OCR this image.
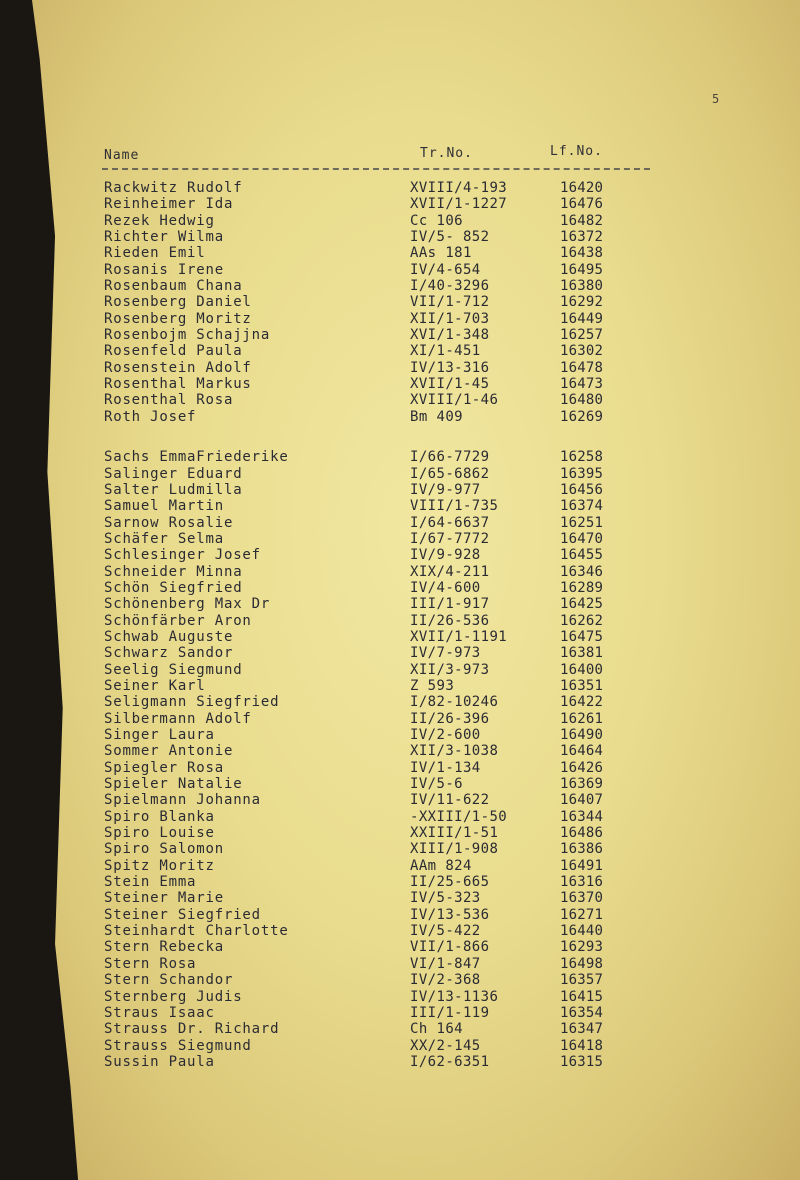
5
Name	Tr.No.	Lf.No.
Rackwitz Rudolf	XVIII/4-193	16420
Reinheimer Ida	XVII/1-1227	16476
Rezek Hedwig	Cc 106	16482
Richter Wilma	IV/5- 852	16372
Rieden Emil	AAs 181	16438
Rosanis Irene	IV/4-654	16495
Rosenbaum Chana	I/40-3296	16380
Rosenberg Daniel	VII/1-712	16292
Rosenberg Moritz	XII/1-703	16449
Rosenbojm Schajjna	XVI/1-348	16257
Rosenfeld Paula	XI/1-451	16302
Rosenstein Adolf	IV/13-316	16478
Rosenthal Markus	XVII/1-45	16473
Rosenthal Rosa	XVIII/1-46	16480
Roth Josef	Bm 409	16269
Sachs EmmaFriederike	I/66-7729	16258
Salinger Eduard	I/65-6862	16395
Salter Ludmilla	IV/9-977	16456
Samuel Martin	VIII/1-735	16374
Sarnow Rosalie	I/64-6637	16251
Schäfer Selma	I/67-7772	16470
Schlesinger Josef	IV/9-928	16455
Schneider Minna	XIX/4-211	16346
Schön Siegfried	IV/4-600	16289
Schönenberg Max Dr	III/1-917	16425
Schönfärber Aron	II/26-536	16262
Schwab Auguste	XVII/1-1191	16475
Schwarz Sandor	IV/7-973	16381
Seelig Siegmund	XII/3-973	16400
Seiner Karl	Z 593	16351
Seligmann Siegfried	I/82-10246	16422
Silbermann Adolf	II/26-396	16261
Singer Laura	IV/2-600	16490
Sommer Antonie	XII/3-1038	16464
Spiegler Rosa	IV/1-134	16426
Spieler Natalie	IV/5-6	16369
Spielmann Johanna	IV/11-622	16407
Spiro Blanka	-XXIII/1-50	16344
Spiro Louise	XXIII/1-51	16486
Spiro Salomon	XIII/1-908	16386
Spitz Moritz	AAm 824	16491
Stein Emma	II/25-665	16316
Steiner Marie	IV/5-323	16370
Steiner Siegfried	IV/13-536	16271
Steinhardt Charlotte	IV/5-422	16440
Stern Rebecka	VII/1-866	16293
Stern Rosa	VI/1-847	16498
Stern Schandor	IV/2-368	16357
Sternberg Judis	IV/13-1136	16415
Straus Isaac	III/1-119	16354
Strauss Dr. Richard	Ch 164	16347
Strauss Siegmund	XX/2-145	16418
Sussin Paula	I/62-6351	16315
